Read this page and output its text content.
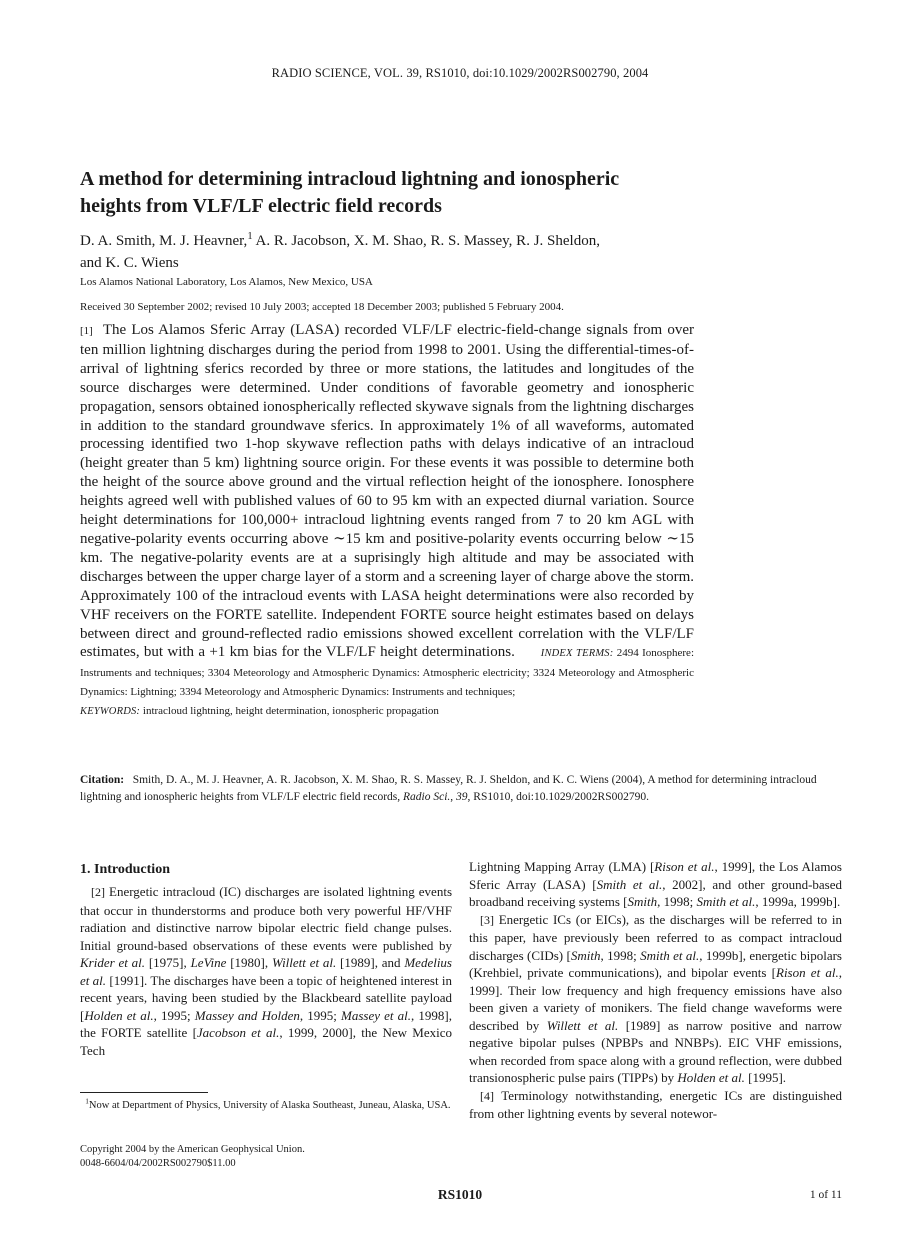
RADIO SCIENCE, VOL. 39, RS1010, doi:10.1029/2002RS002790, 2004
A method for determining intracloud lightning and ionospheric
heights from VLF/LF electric field records

D. A. Smith, M. J. Heavner,$^1$ A. R. Jacobson, X. M. Shao, R. S. Massey, R. J. Sheldon,
and K. C. Wiens

Los Alamos National Laboratory, Los Alamos, New Mexico, USA
Received 30 September 2002; revised 10 July 2003; accepted 18 December 2003; published 5 February 2004.

[1] The Los Alamos Sferic Array (LASA) recorded VLF/LF electric-field-change signals from over ten million lightning discharges during the period from 1998 to 2001. Using the differential-times-of-arrival of lightning sferics recorded by three or more stations, the latitudes and longitudes of the source discharges were determined. Under conditions of favorable geometry and ionospheric propagation, sensors obtained ionospherically reflected skywave signals from the lightning discharges in addition to the standard groundwave sferics. In approximately 1% of all waveforms, automated processing identified two 1-hop skywave reflection paths with delays indicative of an intracloud (height greater than 5 km) lightning source origin. For these events it was possible to determine both the height of the source above ground and the virtual reflection height of the ionosphere. Ionosphere heights agreed well with published values of 60 to 95 km with an expected diurnal variation. Source height determinations for 100,000+ intracloud lightning events ranged from 7 to 20 km AGL with negative-polarity events occurring above ∼15 km and positive-polarity events occurring below ∼15 km. The negative-polarity events are at a suprisingly high altitude and may be associated with discharges between the upper charge layer of a storm and a screening layer of charge above the storm. Approximately 100 of the intracloud events with LASA height determinations were also recorded by VHF receivers on the FORTE satellite. Independent FORTE source height estimates based on delays between direct and ground-reflected radio emissions showed excellent correlation with the VLF/LF estimates, but with a +1 km bias for the VLF/LF height determinations. INDEX TERMS: 2494 Ionosphere: Instruments and techniques; 3304 Meteorology and Atmospheric Dynamics: Atmospheric electricity; 3324 Meteorology and Atmospheric Dynamics: Lightning; 3394 Meteorology and Atmospheric Dynamics: Instruments and techniques;
KEYWORDS: intracloud lightning, height determination, ionospheric propagation

Citation: Smith, D. A., M. J. Heavner, A. R. Jacobson, X. M. Shao, R. S. Massey, R. J. Sheldon, and K. C. Wiens (2004), A method for determining intracloud lightning and ionospheric heights from VLF/LF electric field records, Radio Sci., 39, RS1010, doi:10.1029/2002RS002790.

1. Introduction

[2] Energetic intracloud (IC) discharges are isolated lightning events that occur in thunderstorms and produce both very powerful HF/VHF radiation and distinctive narrow bipolar electric field change pulses. Initial ground-based observations of these events were published by Krider et al. [1975], LeVine [1980], Willett et al. [1989], and Medelius et al. [1991]. The discharges have been a topic of heightened interest in recent years, having been studied by the Blackbeard satellite payload [Holden et al., 1995; Massey and Holden, 1995; Massey et al., 1998], the FORTE satellite [Jacobson et al., 1999, 2000], the New Mexico Tech

$^1$Now at Department of Physics, University of Alaska Southeast, Juneau, Alaska, USA.
Copyright 2004 by the American Geophysical Union.
0048-6604/04/2002RS002790$11.00

Lightning Mapping Array (LMA) [Rison et al., 1999], the Los Alamos Sferic Array (LASA) [Smith et al., 2002], and other ground-based broadband receiving systems [Smith, 1998; Smith et al., 1999a, 1999b].

[3] Energetic ICs (or EICs), as the discharges will be referred to in this paper, have previously been referred to as compact intracloud discharges (CIDs) [Smith, 1998; Smith et al., 1999b], energetic bipolars (Krehbiel, private communications), and bipolar events [Rison et al., 1999]. Their low frequency and high frequency emissions have also been given a variety of monikers. The field change waveforms were described by Willett et al. [1989] as narrow positive and narrow negative bipolar pulses (NPBPs and NNBPs). EIC VHF emissions, when recorded from space along with a ground reflection, were dubbed transionospheric pulse pairs (TIPPs) by Holden et al. [1995].

[4] Terminology notwithstanding, energetic ICs are distinguished from other lightning events by several notewor-

RS1010	1 of 11
